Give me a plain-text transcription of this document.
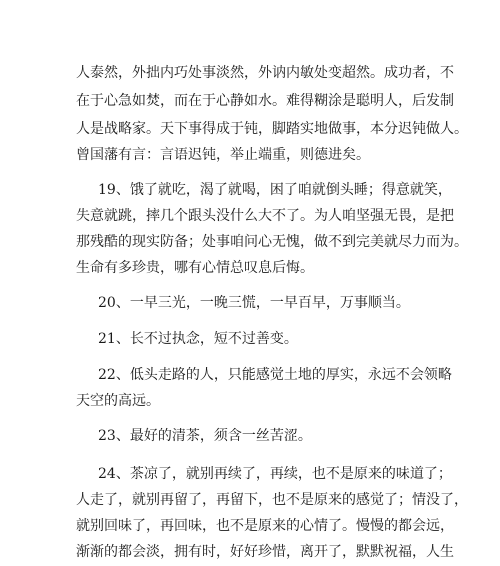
人泰然，外拙内巧处事淡然，外讷内敏处变超然。成功者，不
在于心急如焚，而在于心静如水。难得糊涂是聪明人，后发制
人是战略家。天下事得成于钝，脚踏实地做事，本分迟钝做人。
曾国藩有言：言语迟钝，举止端重，则德进矣。
19、饿了就吃，渴了就喝，困了咱就倒头睡；得意就笑，
失意就跳，摔几个跟头没什么大不了。为人咱坚强无畏，是把
那残酷的现实防备；处事咱问心无愧，做不到完美就尽力而为。
生命有多珍贵，哪有心情总叹息后悔。
20、一早三光，一晚三慌，一早百早，万事顺当。
21、长不过执念，短不过善变。
22、低头走路的人，只能感觉土地的厚实，永远不会领略
天空的高远。
23、最好的清茶，须含一丝苦涩。
24、茶凉了，就别再续了，再续，也不是原来的味道了；
人走了，就别再留了，再留下，也不是原来的感觉了；情没了，
就别回味了，再回味，也不是原来的心情了。慢慢的都会远，
渐渐的都会淡，拥有时，好好珍惜，离开了，默默祝福，人生
